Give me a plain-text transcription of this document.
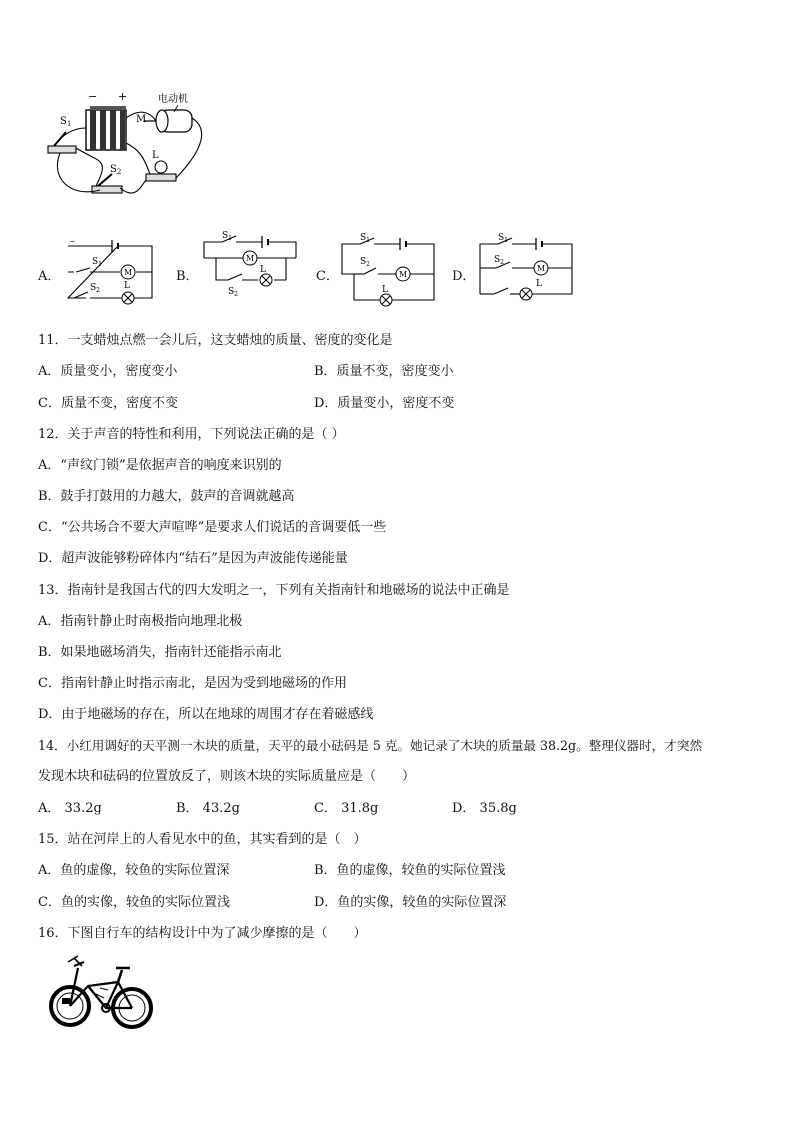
− +	电动机
M
$S_1$
$S_2$
L
A．	B．	C．	D．
–
$S_1$
$S_2$
M
L
$S_1$
$S_2$
M
L
$S_1$
$S_2$
M
L
$S_1$
$S_2$
M
L
11．一支蜡烛点燃一会儿后，这支蜡烛的质量、密度的变化是
A．质量变小，密度变小	B．质量不变，密度变小
C．质量不变，密度不变	D．质量变小，密度不变
12．关于声音的特性和利用，下列说法正确的是（ ）
A．“声纹门锁”是依据声音的响度来识别的
B．鼓手打鼓用的力越大，鼓声的音调就越高
C．“公共场合不要大声喧哗”是要求人们说话的音调要低一些
D．超声波能够粉碎体内“结石”是因为声波能传递能量
13．指南针是我国古代的四大发明之一，下列有关指南针和地磁场的说法中正确是
A．指南针静止时南极指向地理北极
B．如果地磁场消失，指南针还能指示南北
C．指南针静止时指示南北，是因为受到地磁场的作用
D．由于地磁场的存在，所以在地球的周围才存在着磁感线
14．小红用调好的天平测一木块的质量，天平的最小砝码是 5 克。她记录了木块的质量最 38.2g。整理仪器时，才突然
发现木块和砝码的位置放反了，则该木块的实际质量应是（　　）
A． 33.2g	B． 43.2g	C． 31.8g	D． 35.8g
15．站在河岸上的人看见水中的鱼，其实看到的是（　）
A．鱼的虚像，较鱼的实际位置深	B．鱼的虚像，较鱼的实际位置浅
C．鱼的实像，较鱼的实际位置浅	D．鱼的实像，较鱼的实际位置深
16．下图自行车的结构设计中为了减少摩擦的是（　　）
